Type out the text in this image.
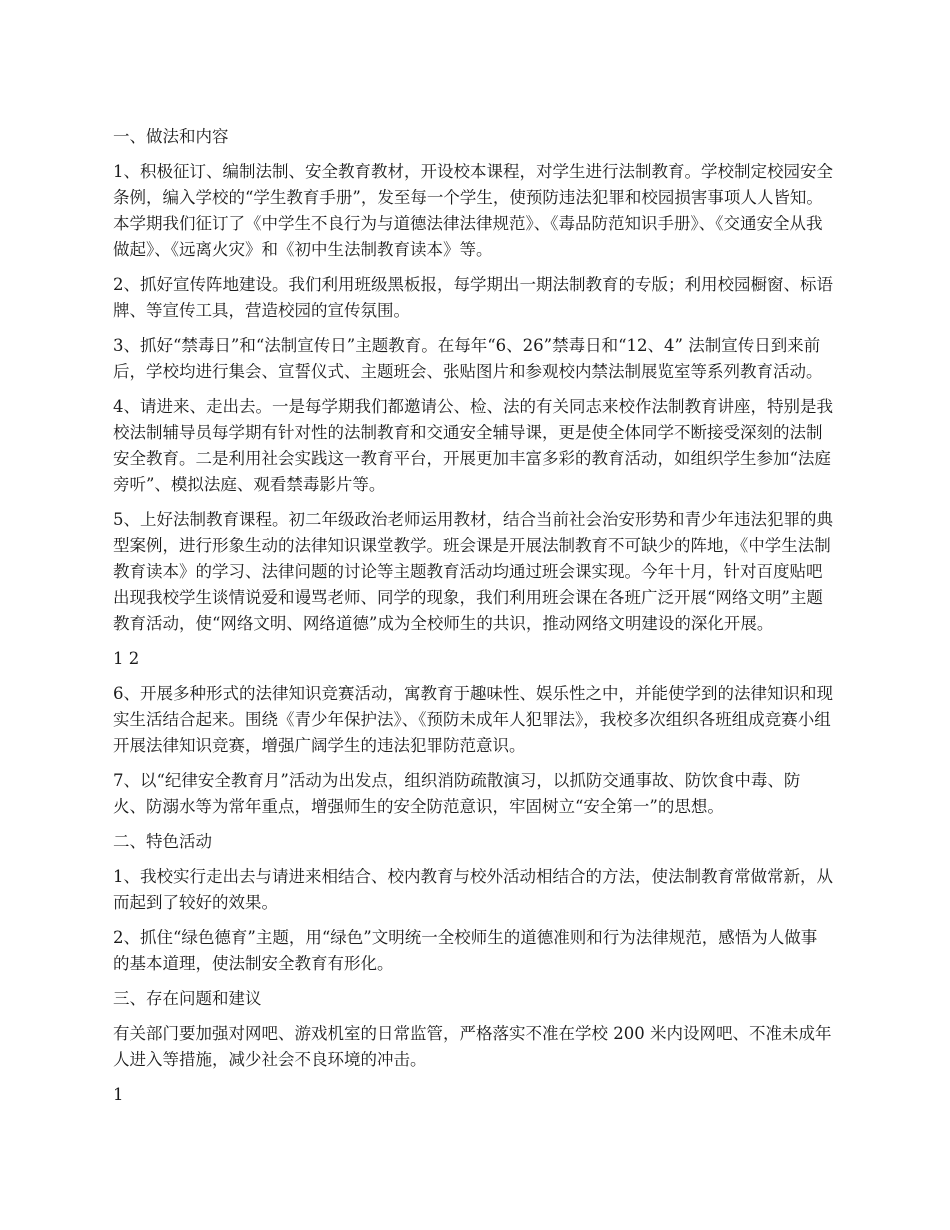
一、做法和内容

1、积极征订、编制法制、安全教育教材，开设校本课程，对学生进行法制教育。学校制定校园安全条例，编入学校的“学生教育手册”，发至每一个学生，使预防违法犯罪和校园损害事项人人皆知。本学期我们征订了《中学生不良行为与道德法律法律规范》、《毒品防范知识手册》、《交通安全从我做起》、《远离火灾》和《初中生法制教育读本》等。

2、抓好宣传阵地建设。我们利用班级黑板报，每学期出一期法制教育的专版；利用校园橱窗、标语牌、等宣传工具，营造校园的宣传氛围。

3、抓好“禁毒日”和“法制宣传日”主题教育。在每年“6、26”禁毒日和“12、4” 法制宣传日到来前后，学校均进行集会、宣誓仪式、主题班会、张贴图片和参观校内禁法制展览室等系列教育活动。

4、请进来、走出去。一是每学期我们都邀请公、检、法的有关同志来校作法制教育讲座，特别是我校法制辅导员每学期有针对性的法制教育和交通安全辅导课，更是使全体同学不断接受深刻的法制安全教育。二是利用社会实践这一教育平台，开展更加丰富多彩的教育活动，如组织学生参加“法庭旁听”、模拟法庭、观看禁毒影片等。

5、上好法制教育课程。初二年级政治老师运用教材，结合当前社会治安形势和青少年违法犯罪的典型案例，进行形象生动的法律知识课堂教学。班会课是开展法制教育不可缺少的阵地，《中学生法制教育读本》的学习、法律问题的讨论等主题教育活动均通过班会课实现。今年十月，针对百度贴吧出现我校学生谈情说爱和谩骂老师、同学的现象，我们利用班会课在各班广泛开展“网络文明”主题教育活动，使“网络文明、网络道德”成为全校师生的共识，推动网络文明建设的深化开展。

1 2

6、开展多种形式的法律知识竞赛活动，寓教育于趣味性、娱乐性之中，并能使学到的法律知识和现实生活结合起来。围绕《青少年保护法》、《预防未成年人犯罪法》，我校多次组织各班组成竞赛小组开展法律知识竞赛，增强广阔学生的违法犯罪防范意识。

7、以“纪律安全教育月”活动为出发点，组织消防疏散演习，以抓防交通事故、防饮食中毒、防火、防溺水等为常年重点，增强师生的安全防范意识，牢固树立“安全第一”的思想。

二、特色活动

1、我校实行走出去与请进来相结合、校内教育与校外活动相结合的方法，使法制教育常做常新，从而起到了较好的效果。

2、抓住“绿色德育”主题，用“绿色”文明统一全校师生的道德准则和行为法律规范，感悟为人做事的基本道理，使法制安全教育有形化。

三、存在问题和建议

有关部门要加强对网吧、游戏机室的日常监管，严格落实不准在学校 200 米内设网吧、不准未成年人进入等措施，减少社会不良环境的冲击。

1
